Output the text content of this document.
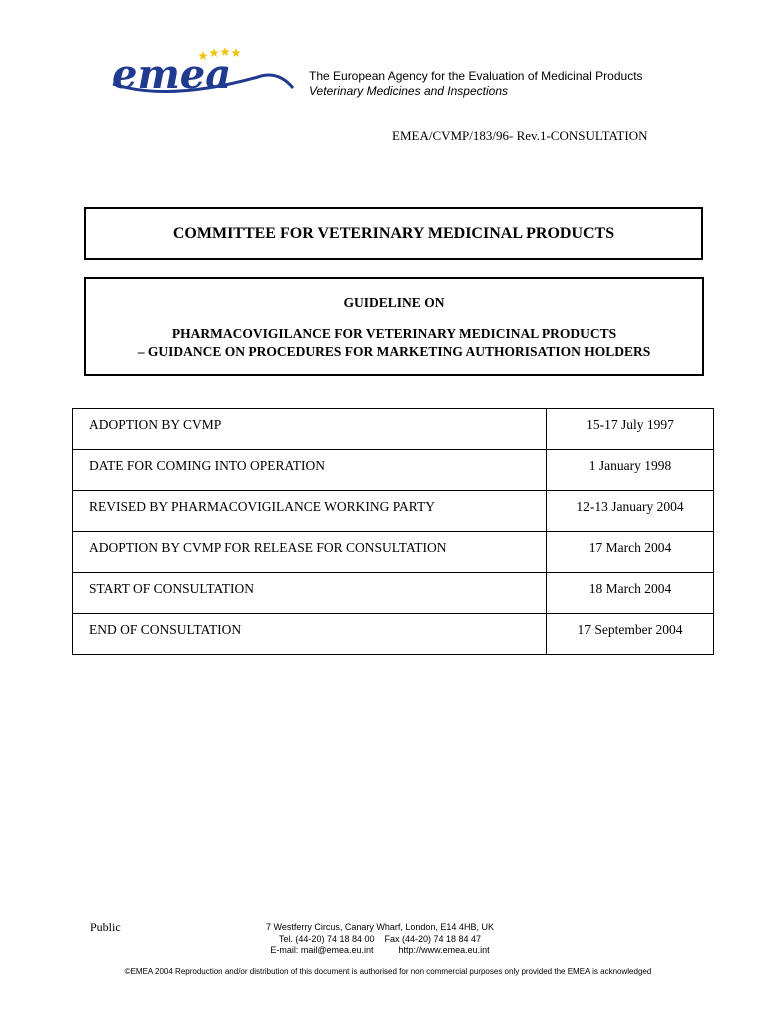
emea	The European Agency for the Evaluation of Medicinal Products
Veterinary Medicines and Inspections
EMEA/CVMP/183/96- Rev.1-CONSULTATION
COMMITTEE FOR VETERINARY MEDICINAL PRODUCTS
GUIDELINE ON
PHARMACOVIGILANCE FOR VETERINARY MEDICINAL PRODUCTS
– GUIDANCE ON PROCEDURES FOR MARKETING AUTHORISATION HOLDERS
ADOPTION BY CVMP	15-17 July 1997
DATE FOR COMING INTO OPERATION	1 January 1998
REVISED BY PHARMACOVIGILANCE WORKING PARTY	12-13 January 2004
ADOPTION BY CVMP FOR RELEASE FOR CONSULTATION	17 March 2004
START OF CONSULTATION	18 March 2004
END OF CONSULTATION	17 September 2004
Public	7 Westferry Circus, Canary Wharf, London, E14 4HB, UK
Tel. (44-20) 74 18 84 00    Fax (44-20) 74 18 84 47
E-mail: mail@emea.eu.int          http://www.emea.eu.int
©EMEA 2004 Reproduction and/or distribution of this document is authorised for non commercial purposes only provided the EMEA is acknowledged
